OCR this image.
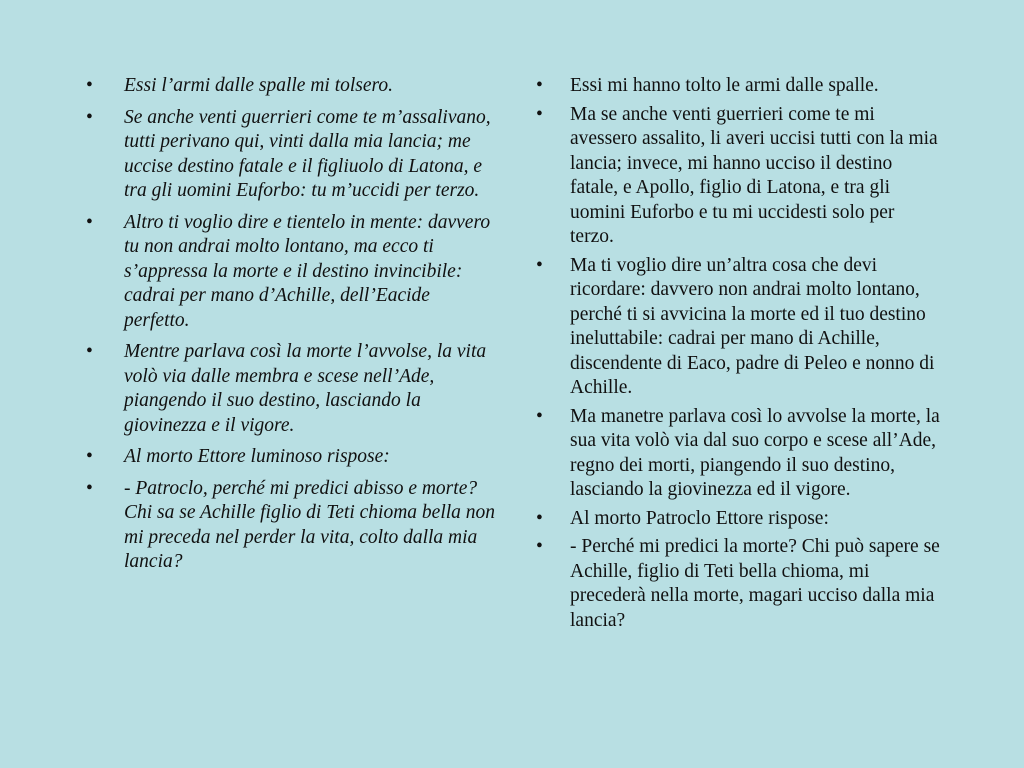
• Essi l’armi dalle spalle mi tolsero.
• Se anche venti guerrieri come te m’assalivano, tutti perivano qui, vinti dalla mia lancia; me uccise destino fatale e il figliuolo di Latona, e tra gli uomini Euforbo: tu m’uccidi per terzo.
• Altro ti voglio dire e tientelo in mente: davvero tu non andrai molto lontano, ma ecco ti s’appressa la morte e il destino invincibile: cadrai per mano d’Achille, dell’Eacide perfetto.
• Mentre parlava così la morte l’avvolse, la vita volò via dalle membra e scese nell’Ade, piangendo il suo destino, lasciando la giovinezza e il vigore.
• Al morto Ettore luminoso rispose:
• - Patroclo, perché mi predici abisso e morte? Chi sa se Achille figlio di Teti chioma bella non mi preceda nel perder la vita, colto dalla mia lancia?
• Essi mi hanno tolto le armi dalle spalle.
• Ma se anche venti guerrieri come te mi avessero assalito, li averi uccisi tutti con la mia lancia; invece, mi hanno ucciso il destino fatale, e Apollo, figlio di Latona, e tra gli uomini Euforbo e tu mi uccidesti solo per terzo.
• Ma ti voglio dire un’altra cosa che devi ricordare: davvero non andrai molto lontano, perché ti si avvicina la morte ed il tuo destino ineluttabile: cadrai per mano di Achille, discendente di Eaco, padre di Peleo e nonno di Achille.
• Ma manetre parlava così lo avvolse la morte, la sua vita volò via dal suo corpo e scese all’Ade, regno dei morti, piangendo il suo destino, lasciando la giovinezza ed il vigore.
• Al morto Patroclo Ettore rispose:
• - Perché mi predici la morte? Chi può sapere se Achille, figlio di Teti bella chioma, mi precederà nella morte, magari ucciso dalla mia lancia?
